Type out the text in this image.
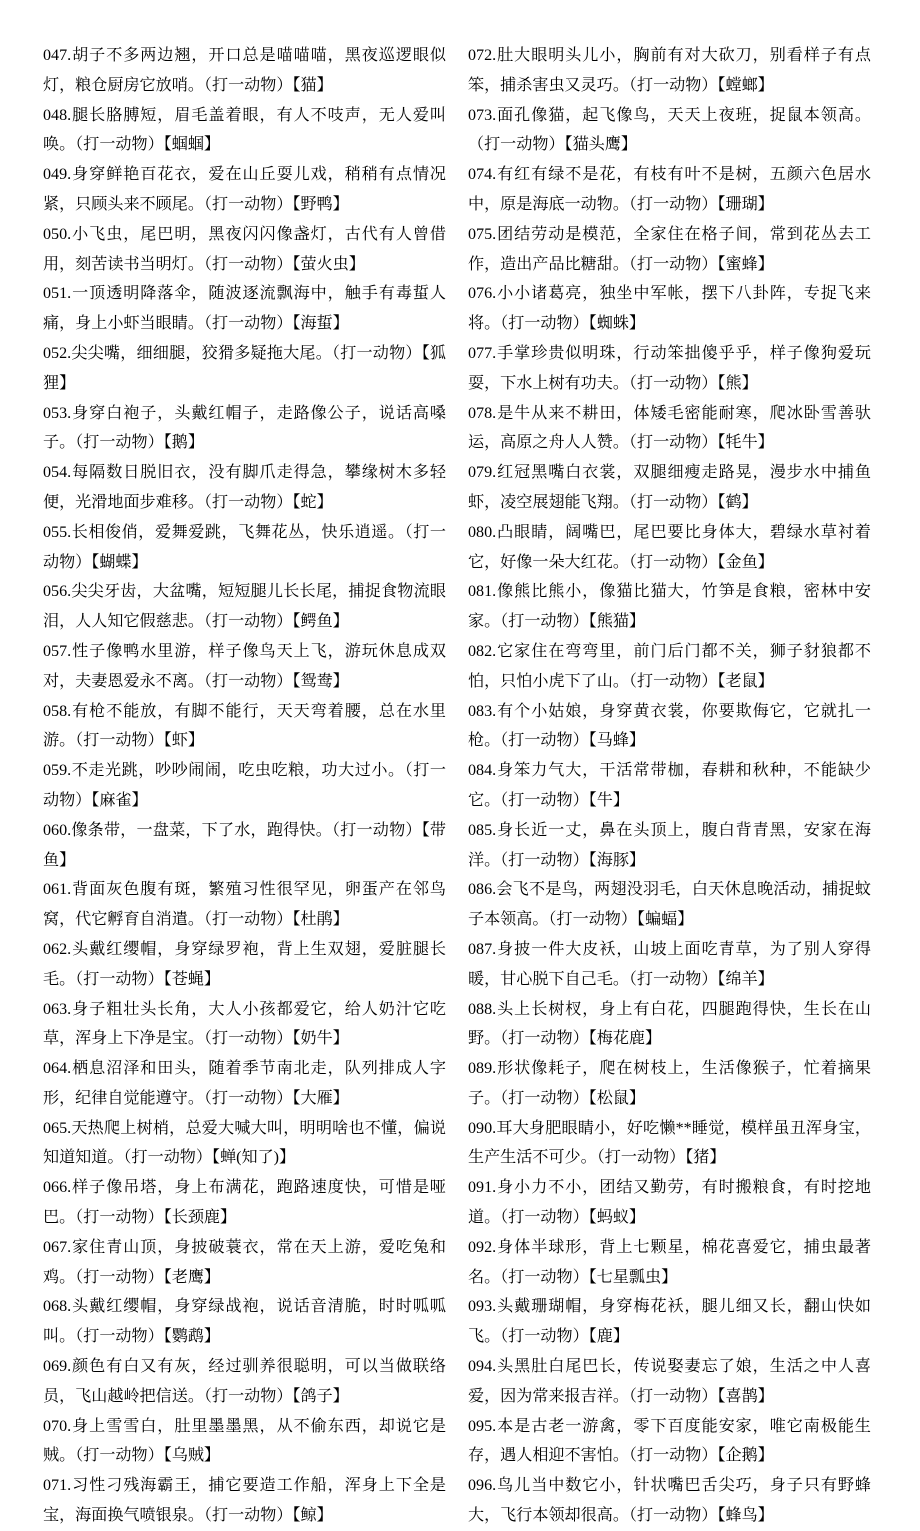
047.胡子不多两边翘，开口总是喵喵喵，黑夜巡逻眼似灯，粮仓厨房它放哨。（打一动物）【猫】

048.腿长胳膊短，眉毛盖着眼，有人不吱声，无人爱叫唤。（打一动物）【蝈蝈】

049.身穿鲜艳百花衣，爱在山丘耍儿戏，稍稍有点情况紧，只顾头来不顾尾。（打一动物）【野鸭】

050.小飞虫，尾巴明，黑夜闪闪像盏灯，古代有人曾借用，刻苦读书当明灯。（打一动物）【萤火虫】

051.一顶透明降落伞，随波逐流飘海中，触手有毒蜇人痛，身上小虾当眼睛。（打一动物）【海蜇】

052.尖尖嘴，细细腿，狡猾多疑拖大尾。（打一动物）【狐狸】

053.身穿白袍子，头戴红帽子，走路像公子，说话高嗓子。（打一动物）【鹅】

054.每隔数日脱旧衣，没有脚爪走得急，攀缘树木多轻便，光滑地面步难移。（打一动物）【蛇】

055.长相俊俏，爱舞爱跳，飞舞花丛，快乐逍遥。（打一动物）【蝴蝶】

056.尖尖牙齿，大盆嘴，短短腿儿长长尾，捕捉食物流眼泪，人人知它假慈悲。（打一动物）【鳄鱼】

057.性子像鸭水里游，样子像鸟天上飞，游玩休息成双对，夫妻恩爱永不离。（打一动物）【鸳鸯】

058.有枪不能放，有脚不能行，天天弯着腰，总在水里游。（打一动物）【虾】

059.不走光跳，吵吵闹闹，吃虫吃粮，功大过小。（打一动物）【麻雀】

060.像条带，一盘菜，下了水，跑得快。（打一动物）【带鱼】

061.背面灰色腹有斑，繁殖习性很罕见，卵蛋产在邻鸟窝，代它孵育自消遣。（打一动物）【杜鹃】

062.头戴红缨帽，身穿绿罗袍，背上生双翅，爱脏腿长毛。（打一动物）【苍蝇】

063.身子粗壮头长角，大人小孩都爱它，给人奶汁它吃草，浑身上下净是宝。（打一动物）【奶牛】

064.栖息沼泽和田头，随着季节南北走，队列排成人字形，纪律自觉能遵守。（打一动物）【大雁】

065.天热爬上树梢，总爱大喊大叫，明明啥也不懂，偏说知道知道。（打一动物）【蝉(知了)】

066.样子像吊塔，身上布满花，跑路速度快，可惜是哑巴。（打一动物）【长颈鹿】

067.家住青山顶，身披破蓑衣，常在天上游，爱吃兔和鸡。（打一动物）【老鹰】

068.头戴红缨帽，身穿绿战袍，说话音清脆，时时呱呱叫。（打一动物）【鹦鹉】

069.颜色有白又有灰，经过驯养很聪明，可以当做联络员，飞山越岭把信送。（打一动物）【鸽子】

070.身上雪雪白，肚里墨墨黑，从不偷东西，却说它是贼。（打一动物）【乌贼】

071.习性刁残海霸王，捕它要造工作船，浑身上下全是宝，海面换气喷银泉。（打一动物）【鲸】

072.肚大眼明头儿小，胸前有对大砍刀，别看样子有点笨，捕杀害虫又灵巧。（打一动物）【螳螂】

073.面孔像猫，起飞像鸟，天天上夜班，捉鼠本领高。（打一动物）【猫头鹰】

074.有红有绿不是花，有枝有叶不是树，五颜六色居水中，原是海底一动物。（打一动物）【珊瑚】

075.团结劳动是模范，全家住在格子间，常到花丛去工作，造出产品比糖甜。（打一动物）【蜜蜂】

076.小小诸葛亮，独坐中军帐，摆下八卦阵，专捉飞来将。（打一动物）【蜘蛛】

077.手掌珍贵似明珠，行动笨拙傻乎乎，样子像狗爱玩耍，下水上树有功夫。（打一动物）【熊】

078.是牛从来不耕田，体矮毛密能耐寒，爬冰卧雪善驮运，高原之舟人人赞。（打一动物）【牦牛】

079.红冠黑嘴白衣裳，双腿细瘦走路晃，漫步水中捕鱼虾，凌空展翅能飞翔。（打一动物）【鹤】

080.凸眼睛，阔嘴巴，尾巴要比身体大，碧绿水草衬着它，好像一朵大红花。（打一动物）【金鱼】

081.像熊比熊小，像猫比猫大，竹笋是食粮，密林中安家。（打一动物）【熊猫】

082.它家住在弯弯里，前门后门都不关，狮子豺狼都不怕，只怕小虎下了山。（打一动物）【老鼠】

083.有个小姑娘，身穿黄衣裳，你要欺侮它，它就扎一枪。（打一动物）【马蜂】

084.身笨力气大，干活常带枷，春耕和秋种，不能缺少它。（打一动物）【牛】

085.身长近一丈，鼻在头顶上，腹白背青黑，安家在海洋。（打一动物）【海豚】

086.会飞不是鸟，两翅没羽毛，白天休息晚活动，捕捉蚊子本领高。（打一动物）【蝙蝠】

087.身披一件大皮袄，山坡上面吃青草，为了别人穿得暖，甘心脱下自己毛。（打一动物）【绵羊】

088.头上长树杈，身上有白花，四腿跑得快，生长在山野。（打一动物）【梅花鹿】

089.形状像耗子，爬在树枝上，生活像猴子，忙着摘果子。（打一动物）【松鼠】

090.耳大身肥眼睛小，好吃懒**睡觉，模样虽丑浑身宝，生产生活不可少。（打一动物）【猪】

091.身小力不小，团结又勤劳，有时搬粮食，有时挖地道。（打一动物）【蚂蚁】

092.身体半球形，背上七颗星，棉花喜爱它，捕虫最著名。（打一动物）【七星瓢虫】

093.头戴珊瑚帽，身穿梅花袄，腿儿细又长，翻山快如飞。（打一动物）【鹿】

094.头黑肚白尾巴长，传说娶妻忘了娘，生活之中人喜爱，因为常来报吉祥。（打一动物）【喜鹊】

095.本是古老一游禽，零下百度能安家，唯它南极能生存，遇人相迎不害怕。（打一动物）【企鹅】

096.鸟儿当中数它小，针状嘴巴舌尖巧，身子只有野蜂大，飞行本领却很高。（打一动物）【蜂鸟】
